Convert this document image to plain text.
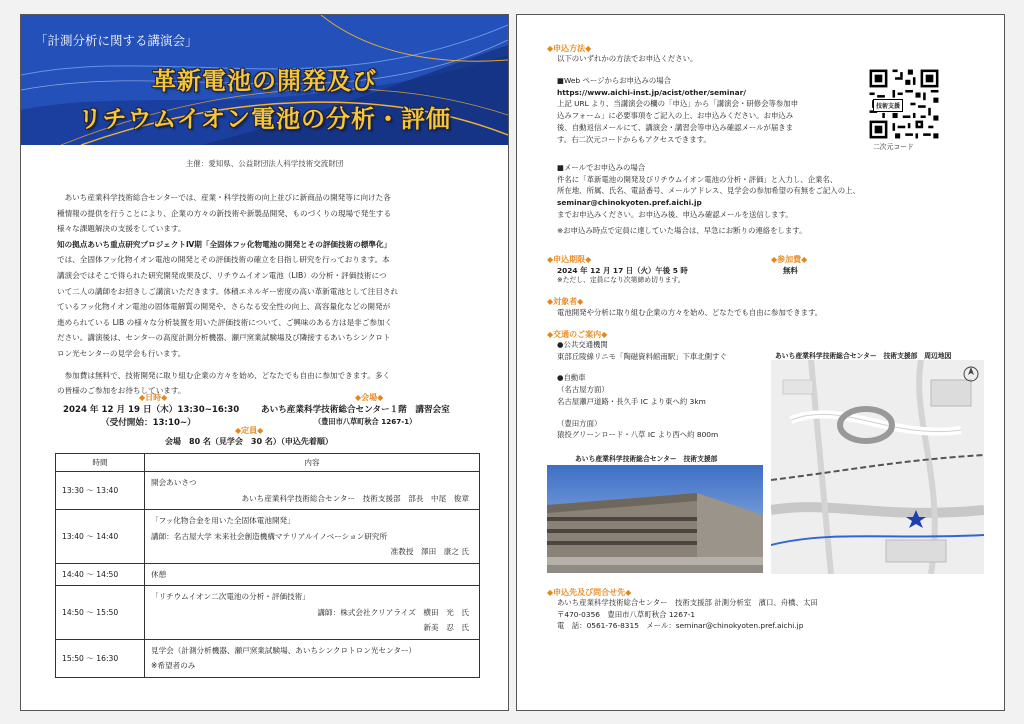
「計測分析に関する講演会」
革新電池の開発及び
リチウムイオン電池の分析・評価
主催：愛知県、公益財団法人科学技術交流財団
あいち産業科学技術総合センターでは、産業・科学技術の向上並びに新商品の開発等に向けた各
種情報の提供を行うことにより、企業の方々の新技術や新製品開発、ものづくりの現場で発生する
様々な課題解決の支援をしています。
知の拠点あいち重点研究プロジェクトⅣ期「全固体フッ化物電池の開発とその評価技術の標準化」
では、全固体フッ化物イオン電池の開発とその評価技術の確立を目指し研究を行っております。本
講演会ではそこで得られた研究開発成果及び、リチウムイオン電池（LIB）の分析・評価技術につ
いて二人の講師をお招きしご講演いただきます。体積エネルギー密度の高い革新電池として注目され
ているフッ化物イオン電池の固体電解質の開発や、さらなる安全性の向上、高容量化などの開発が
進められている LIB の様々な分析装置を用いた評価技術について、ご興味のある方は是非ご参加く
ださい。講演後は、センターの高度計測分析機器、瀬戸窯業試験場及び隣接するあいちシンクロト
ロン光センターの見学会も行います。
参加費は無料で、技術開発に取り組む企業の方々を始め、どなたでも自由に参加できます。多く
の皆様のご参加をお待ちしています。
◆日時◆	◆会場◆
2024 年 12 月 19 日（木）13:30~16:30	あいち産業科学技術総合センター１階　講習会室
（受付開始：13:10~）	（豊田市八草町秋合 1267-1）
◆定員◆
会場　80 名（見学会　30 名）（申込先着順）
時間	内容
13:30 ～ 13:40	開会あいさつ
あいち産業科学技術総合センター　技術支援部　部長　中尾　俊章

13:40 ～ 14:40	「フッ化物合金を用いた全固体電池開発」
講師：名古屋大学 未来社会創造機構マテリアルイノベーション研究所
准教授　澤田　康之 氏

14:40 ～ 14:50	休憩

14:50 ～ 15:50	「リチウムイオン二次電池の分析・評価技術」
講師：株式会社クリアライズ　横田　光　氏
新美　忍　氏

15:50 ～ 16:30	見学会（計測分析機器、瀬戸窯業試験場、あいちシンクロトロン光センター）
※希望者のみ
◆申込方法◆
以下のいずれかの方法でお申込ください。
■Web ページからお申込みの場合
https://www.aichi-inst.jp/acist/other/seminar/
上記 URL より、当講演会の欄の「申込」から「講演会・研修会等参加申
込みフォーム」に必要事項をご記入の上、お申込みください。お申込み
後、自動返信メールにて、講演会・講習会等申込み確認メールが届きま
す。右二次元コードからもアクセスできます。
技術支援
二次元コード
■メールでお申込みの場合
件名に「革新電池の開発及びリチウムイオン電池の分析・評価」と入力し、企業名、
所在地、所属、氏名、電話番号、メールアドレス、見学会の参加希望の有無をご記入の上、
seminar@chinokyoten.pref.aichi.jp
までお申込みください。お申込み後、申込み確認メールを送信します。
※お申込み時点で定員に達していた場合は、早急にお断りの連絡をします。
◆申込期限◆
2024 年 12 月 17 日（火）午後 5 時
※ただし、定員になり次第締め切ります。
◆参加費◆
無料
◆対象者◆
電池開発や分析に取り組む企業の方々を始め、どなたでも自由に参加できます。
◆交通のご案内◆
●公共交通機関
東部丘陵線リニモ「陶磁資料館南駅」下車北側すぐ
●自動車
（名古屋方面）
名古屋瀬戸道路・長久手 IC より東へ約 3km
（豊田方面）
猿投グリーンロード・八草 IC より西へ約 800m
あいち産業科学技術総合センター　技術支援部　周辺地図
あいち産業科学技術総合センター　技術支援部
◆申込先及び問合せ先◆
あいち産業科学技術総合センター　技術支援部 計測分析室　濱口、舟橋、太田
〒470-0356　豊田市八草町秋合 1267-1
電　話：0561-76-8315　メール：seminar@chinokyoten.pref.aichi.jp
